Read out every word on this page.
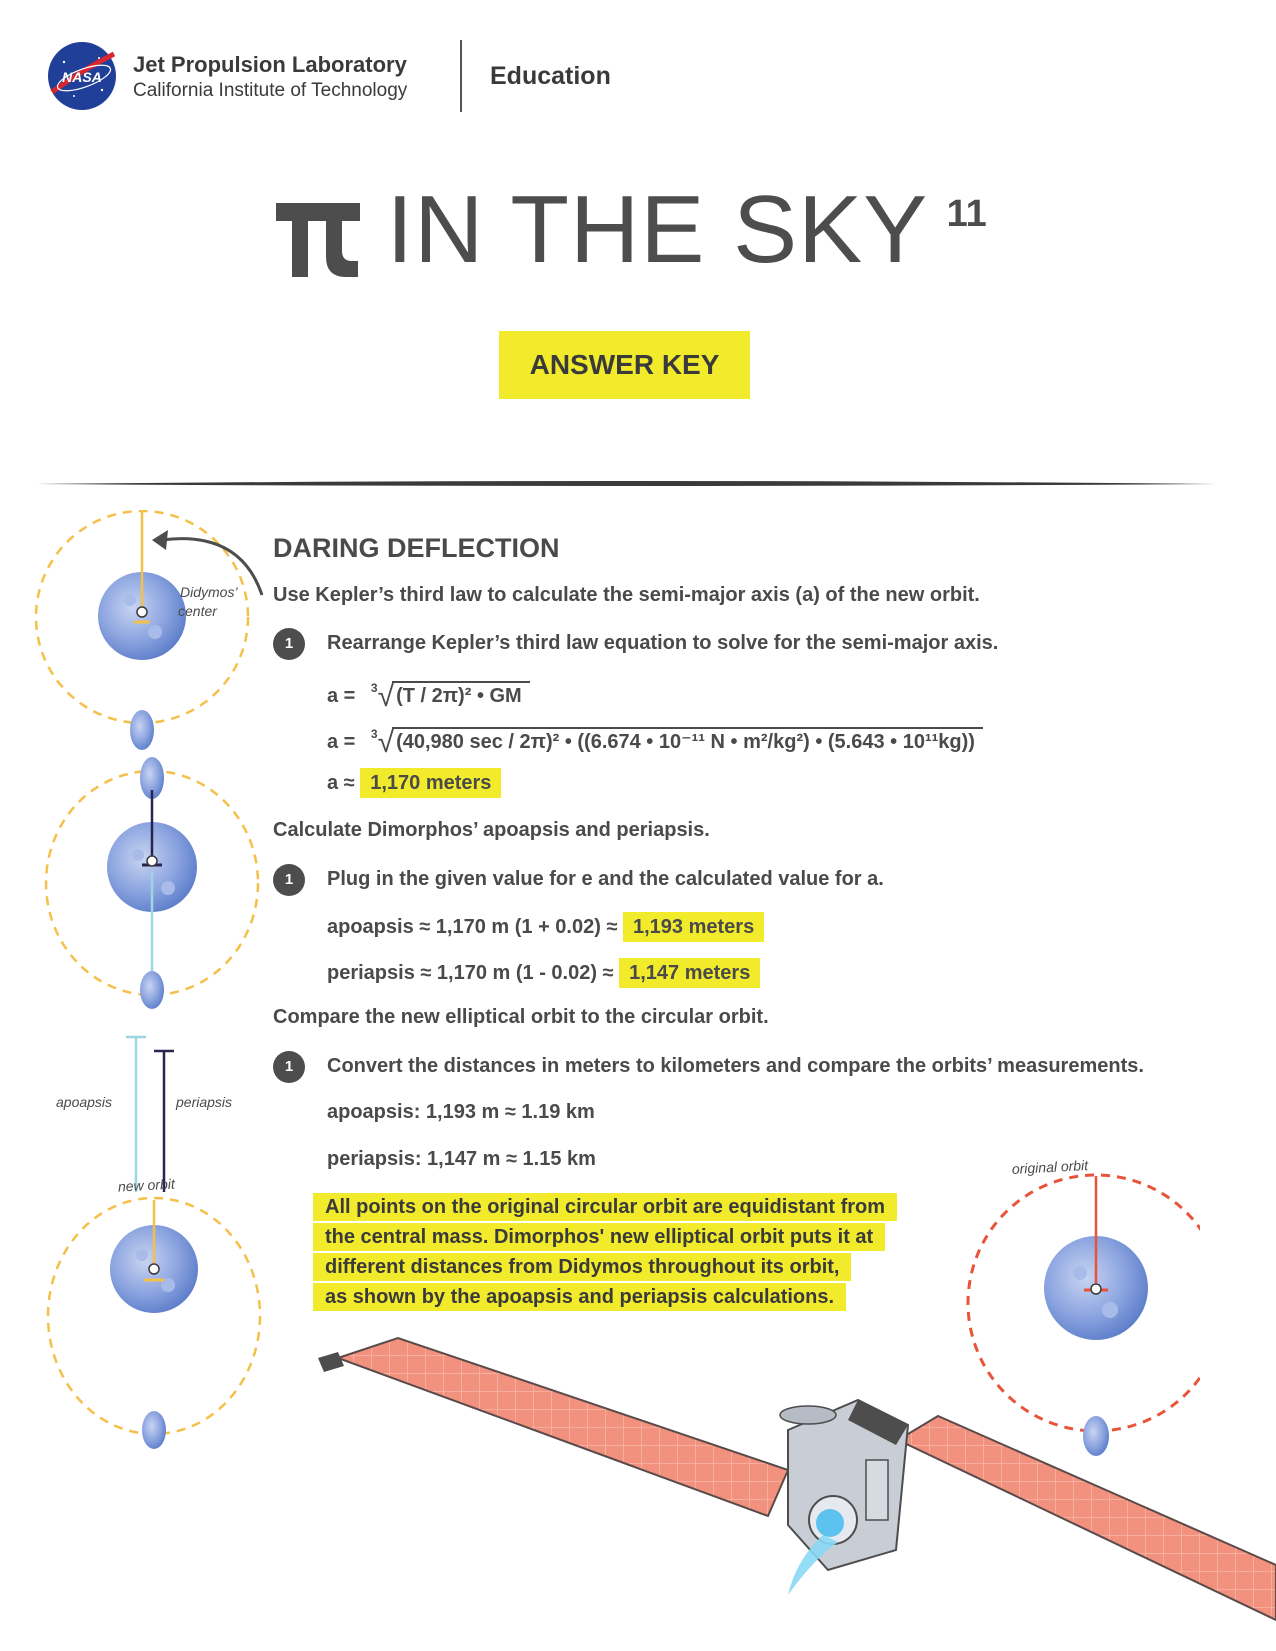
NASA Jet Propulsion Laboratory
California Institute of Technology
Education
IN THE SKY 11
ANSWER KEY
Didymos’
center
apoapsis	periapsis
new orbit
DARING DEFLECTION
Use Kepler’s third law to calculate the semi-major axis (a) of the new orbit.
1	Rearrange Kepler’s third law equation to solve for the semi-major axis.
a = $^3$√ (T / 2π)² • GM
a = $^3$√ (40,980 sec / 2π)² • ((6.674 • 10⁻¹¹ N • m²/kg²) • (5.643 • 10¹¹kg))
a ≈ 1,170 meters
Calculate Dimorphos’ apoapsis and periapsis.
1	Plug in the given value for e and the calculated value for a.
apoapsis ≈ 1,170 m (1 + 0.02) ≈ 1,193 meters
periapsis ≈ 1,170 m (1 - 0.02) ≈ 1,147 meters
Compare the new elliptical orbit to the circular orbit.
1	Convert the distances in meters to kilometers and compare the orbits’ measurements.
apoapsis: 1,193 m ≈ 1.19 km
periapsis: 1,147 m ≈ 1.15 km
All points on the original circular orbit are equidistant from
the central mass. Dimorphos' new elliptical orbit puts it at
different distances from Didymos throughout its orbit,
as shown by the apoapsis and periapsis calculations.
original orbit
